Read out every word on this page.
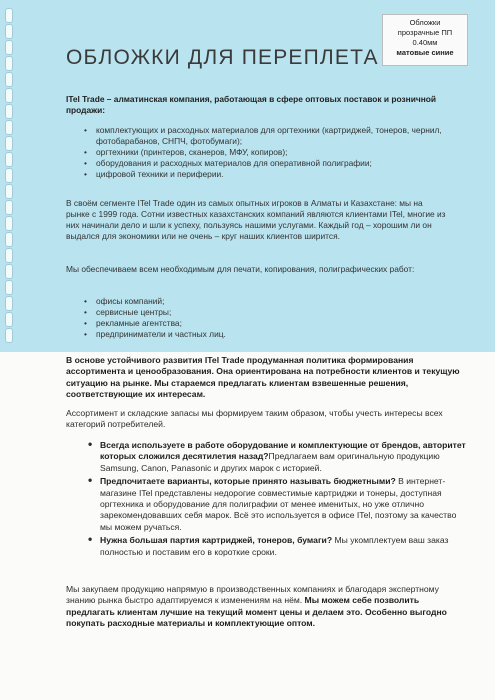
Обложки
прозрачные ПП
0.40мм
матовые синие
ОБЛОЖКИ ДЛЯ ПЕРЕПЛЕТА
ITel Trade – алматинская компания, работающая в сфере оптовых поставок и розничной продажи:
• комплектующих и расходных материалов для оргтехники (картриджей, тонеров, чернил, фотобарабанов, СНПЧ, фотобумаги);
• оргтехники (принтеров, сканеров, МФУ, копиров);
• оборудования и расходных материалов для оперативной полиграфии;
• цифровой техники и периферии.
В своём сегменте ITel Trade один из самых опытных игроков в Алматы и Казахстане: мы на рынке с 1999 года. Сотни известных казахстанских компаний являются клиентами ITel, многие из них начинали дело и шли к успеху, пользуясь нашими услугами. Каждый год – хорошим ли он выдался для экономики или не очень – круг наших клиентов ширится.
Мы обеспечиваем всем необходимым для печати, копирования, полиграфических работ:
• офисы компаний;
• сервисные центры;
• рекламные агентства;
• предприниматели и частных лиц.
В основе устойчивого развития ITel Trade продуманная политика формирования ассортимента и ценообразования. Она ориентирована на потребности клиентов и текущую ситуацию на рынке. Мы стараемся предлагать клиентам взвешенные решения, соответствующие их интересам.
Ассортимент и складские запасы мы формируем таким образом, чтобы учесть интересы всех категорий потребителей.
• Всегда используете в работе оборудование и комплектующие от брендов, авторитет которых сложился десятилетия назад?Предлагаем вам оригинальную продукцию Samsung, Canon, Panasonic и других марок с историей.
• Предпочитаете варианты, которые принято называть бюджетными? В интернет-магазине ITel представлены недорогие совместимые картриджи и тонеры, доступная оргтехника и оборудование для полиграфии от менее именитых, но уже отлично зарекомендовавших себя марок. Всё это используется в офисе ITel, поэтому за качество мы можем ручаться.
• Нужна большая партия картриджей, тонеров, бумаги? Мы укомплектуем ваш заказ полностью и поставим его в короткие сроки.
Мы закупаем продукцию напрямую в производственных компаниях и благодаря экспертному знанию рынка быстро адаптируемся к изменениям на нём. Мы можем себе позволить предлагать клиентам лучшие на текущий момент цены и делаем это. Особенно выгодно покупать расходные материалы и комплектующие оптом.
